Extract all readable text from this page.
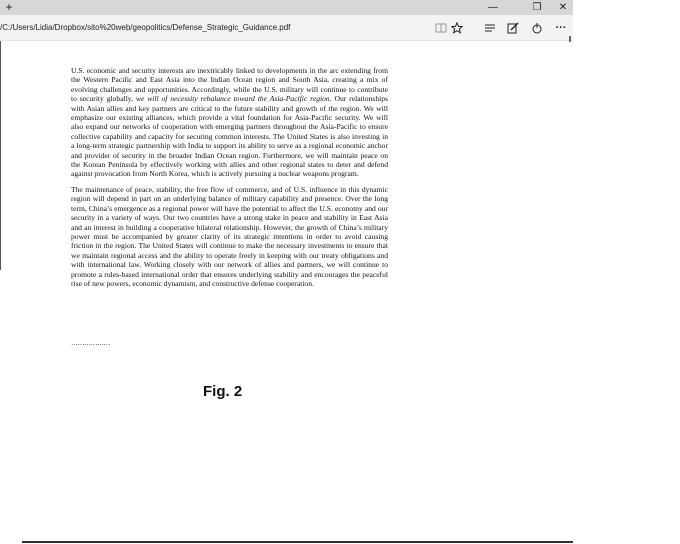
+	—	❐	✕
/C:/Users/Lidia/Dropbox/sito%20web/geopolitics/Defense_Strategic_Guidance.pdf	···

U.S. economic and security interests are inextricably linked to developments in the arc extending from the Western Pacific and East Asia into the Indian Ocean region and South Asia, creating a mix of evolving challenges and opportunities. Accordingly, while the U.S. military will continue to contribute to security globally, we will of necessity rebalance toward the Asia-Pacific region. Our relationships with Asian allies and key partners are critical to the future stability and growth of the region. We will emphasize our existing alliances, which provide a vital foundation for Asia-Pacific security. We will also expand our networks of cooperation with emerging partners throughout the Asia-Pacific to ensure collective capability and capacity for securing common interests. The United States is also investing in a long-term strategic partnership with India to support its ability to serve as a regional economic anchor and provider of security in the broader Indian Ocean region. Furthermore, we will maintain peace on the Korean Peninsula by effectively working with allies and other regional states to deter and defend against provocation from North Korea, which is actively pursuing a nuclear weapons program.

The maintenance of peace, stability, the free flow of commerce, and of U.S. influence in this dynamic region will depend in part on an underlying balance of military capability and presence. Over the long term, China’s emergence as a regional power will have the potential to affect the U.S. economy and our security in a variety of ways. Our two countries have a strong stake in peace and stability in East Asia and an interest in building a cooperative bilateral relationship. However, the growth of China’s military power must be accompanied by greater clarity of its strategic intentions in order to avoid causing friction in the region. The United States will continue to make the necessary investments to ensure that we maintain regional access and the ability to operate freely in keeping with our treaty obligations and with international law. Working closely with our network of allies and partners, we will continue to promote a rules-based international order that ensures underlying stability and encourages the peaceful rise of new powers, economic dynamism, and constructive defense cooperation.

………………
Fig. 2
